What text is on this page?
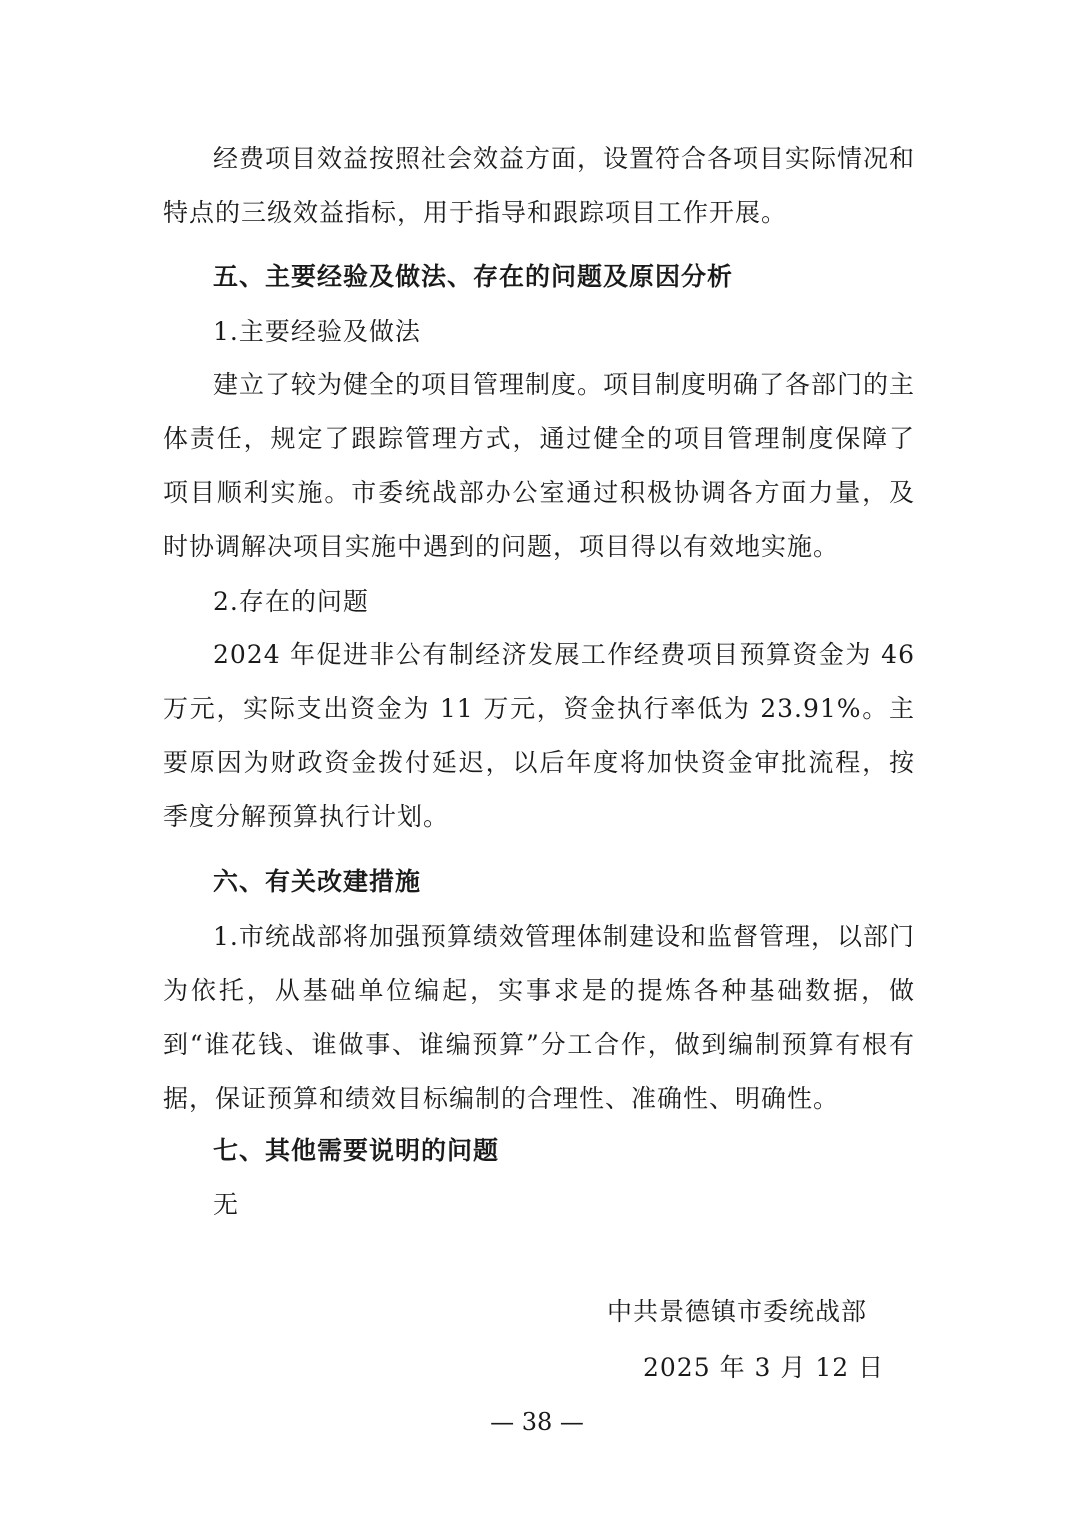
经费项目效益按照社会效益方面，设置符合各项目实际情况和特点的三级效益指标，用于指导和跟踪项目工作开展。
五、主要经验及做法、存在的问题及原因分析
1.主要经验及做法
建立了较为健全的项目管理制度。项目制度明确了各部门的主体责任，规定了跟踪管理方式，通过健全的项目管理制度保障了项目顺利实施。市委统战部办公室通过积极协调各方面力量，及时协调解决项目实施中遇到的问题，项目得以有效地实施。
2.存在的问题
2024 年促进非公有制经济发展工作经费项目预算资金为 46 万元，实际支出资金为 11 万元，资金执行率低为 23.91%。主要原因为财政资金拨付延迟，以后年度将加快资金审批流程，按季度分解预算执行计划。
六、有关改建措施
1.市统战部将加强预算绩效管理体制建设和监督管理，以部门为依托，从基础单位编起，实事求是的提炼各种基础数据，做到“谁花钱、谁做事、谁编预算”分工合作，做到编制预算有根有据，保证预算和绩效目标编制的合理性、准确性、明确性。
七、其他需要说明的问题
无
中共景德镇市委统战部
2025 年 3 月 12 日
— 38 —
